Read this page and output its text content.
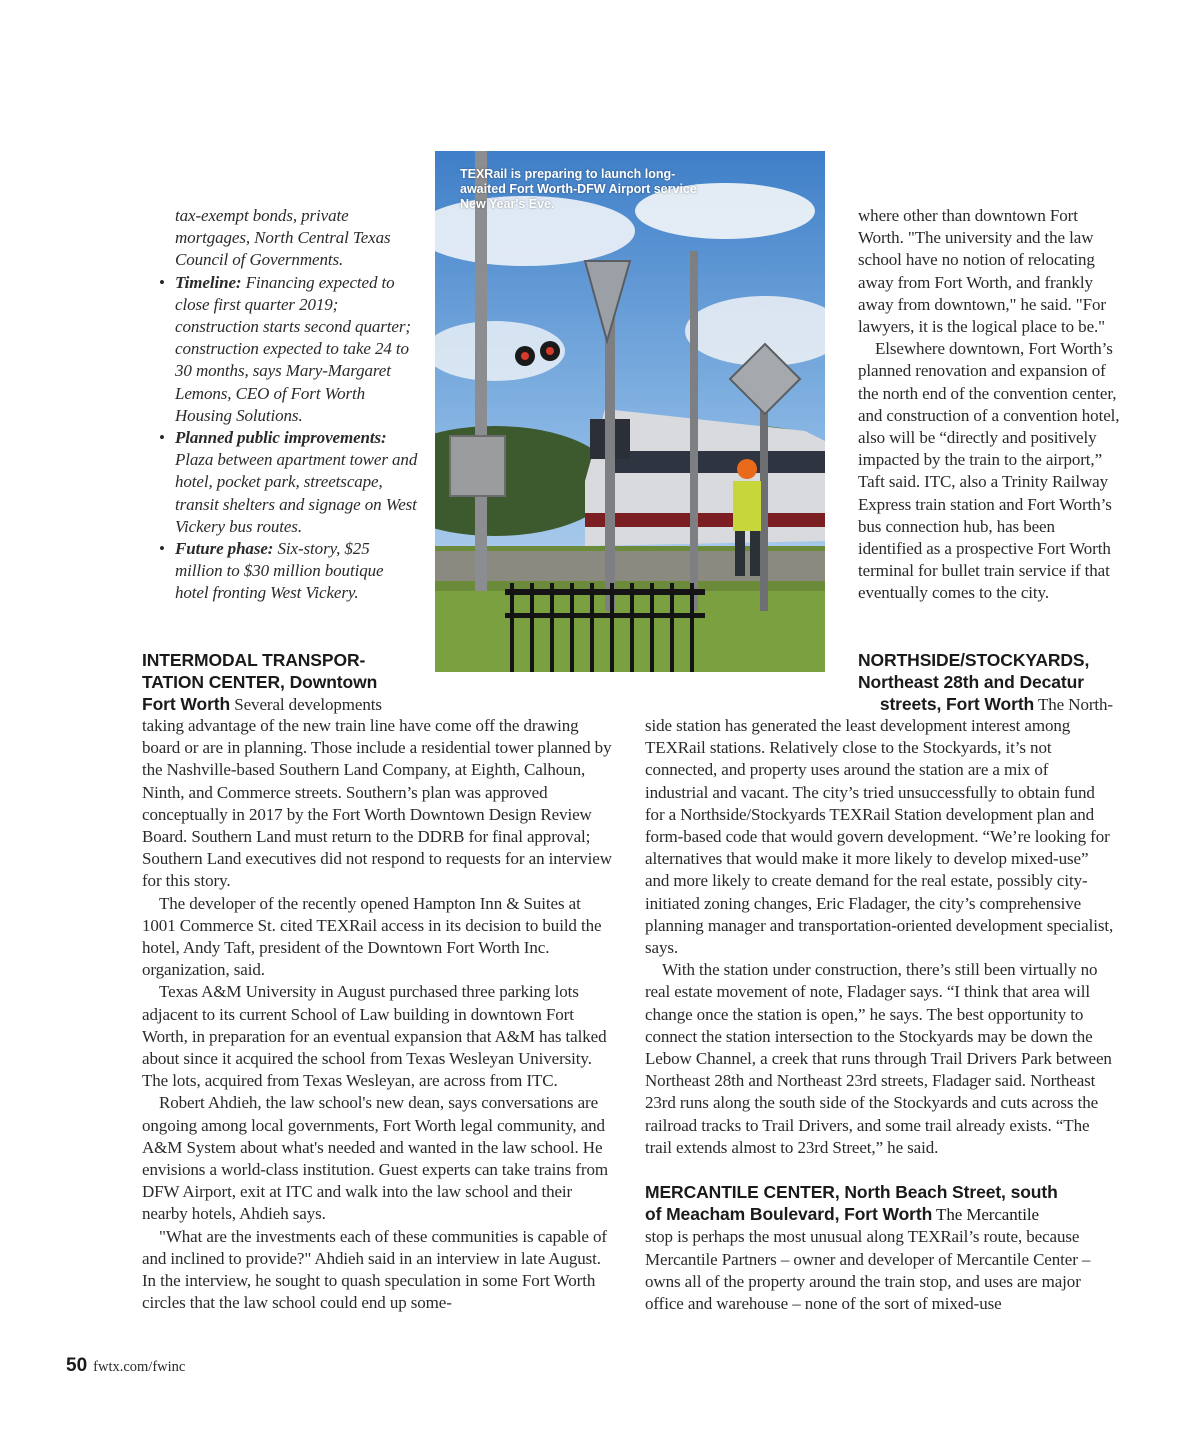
tax-exempt bonds, private mortgages, North Central Texas Council of Governments.

• Timeline: Financing expected to close first quarter 2019; construction starts second quarter; construction expected to take 24 to 30 months, says Mary-Margaret Lemons, CEO of Fort Worth Housing Solutions.
• Planned public improvements: Plaza between apartment tower and hotel, pocket park, streetscape, transit shelters and signage on West Vickery bus routes.
• Future phase: Six-story, $25 million to $30 million boutique hotel fronting West Vickery.
TEXRail is preparing to launch long-awaited Fort Worth-DFW Airport service New Year's Eve.

where other than downtown Fort Worth. "The university and the law school have no notion of relocating away from Fort Worth, and frankly away from downtown," he said. "For lawyers, it is the logical place to be."

Elsewhere downtown, Fort Worth’s planned renovation and expansion of the north end of the convention center, and construction of a convention hotel, also will be “directly and positively impacted by the train to the airport,” Taft said. ITC, also a Trinity Railway Express train station and Fort Worth’s bus connection hub, has been identified as a prospective Fort Worth terminal for bullet train service if that eventually comes to the city.

INTERMODAL TRANSPOR-
TATION CENTER, Downtown
NORTHSIDE/STOCKYARDS,
Northeast 28th and Decatur
Fort Worth Several developments	streets, Fort Worth The North-

taking advantage of the new train line have come off the drawing board or are in planning. Those include a residential tower planned by the Nashville-based Southern Land Company, at Eighth, Calhoun, Ninth, and Commerce streets. Southern’s plan was approved conceptually in 2017 by the Fort Worth Downtown Design Review Board. Southern Land must return to the DDRB for final approval; Southern Land executives did not respond to requests for an interview for this story.

The developer of the recently opened Hampton Inn & Suites at 1001 Commerce St. cited TEXRail access in its decision to build the hotel, Andy Taft, president of the Downtown Fort Worth Inc. organization, said.

Texas A&M University in August purchased three parking lots adjacent to its current School of Law building in downtown Fort Worth, in preparation for an eventual expansion that A&M has talked about since it acquired the school from Texas Wesleyan University. The lots, acquired from Texas Wesleyan, are across from ITC.

Robert Ahdieh, the law school's new dean, says conversations are ongoing among local governments, Fort Worth legal community, and A&M System about what's needed and wanted in the law school. He envisions a world-class institution. Guest experts can take trains from DFW Airport, exit at ITC and walk into the law school and their nearby hotels, Ahdieh says.

"What are the investments each of these communities is capable of and inclined to provide?" Ahdieh said in an interview in late August. In the interview, he sought to quash speculation in some Fort Worth circles that the law school could end up some-

side station has generated the least development interest among TEXRail stations. Relatively close to the Stockyards, it’s not connected, and property uses around the station are a mix of industrial and vacant. The city’s tried unsuccessfully to obtain fund for a Northside/Stockyards TEXRail Station development plan and form-based code that would govern development. “We’re looking for alternatives that would make it more likely to develop mixed-use” and more likely to create demand for the real estate, possibly city-initiated zoning changes, Eric Fladager, the city’s comprehensive planning manager and transportation-oriented development specialist, says.

With the station under construction, there’s still been virtually no real estate movement of note, Fladager says. “I think that area will change once the station is open,” he says. The best opportunity to connect the station intersection to the Stockyards may be down the Lebow Channel, a creek that runs through Trail Drivers Park between Northeast 28th and Northeast 23rd streets, Fladager said. Northeast 23rd runs along the south side of the Stockyards and cuts across the railroad tracks to Trail Drivers, and some trail already exists. “The trail extends almost to 23rd Street,” he said.

MERCANTILE CENTER, North Beach Street, south
of Meacham Boulevard, Fort Worth The Mercantile

stop is perhaps the most unusual along TEXRail’s route, because Mercantile Partners – owner and developer of Mercantile Center – owns all of the property around the train stop, and uses are major office and warehouse – none of the sort of mixed-use

50 fwtx.com/fwinc
